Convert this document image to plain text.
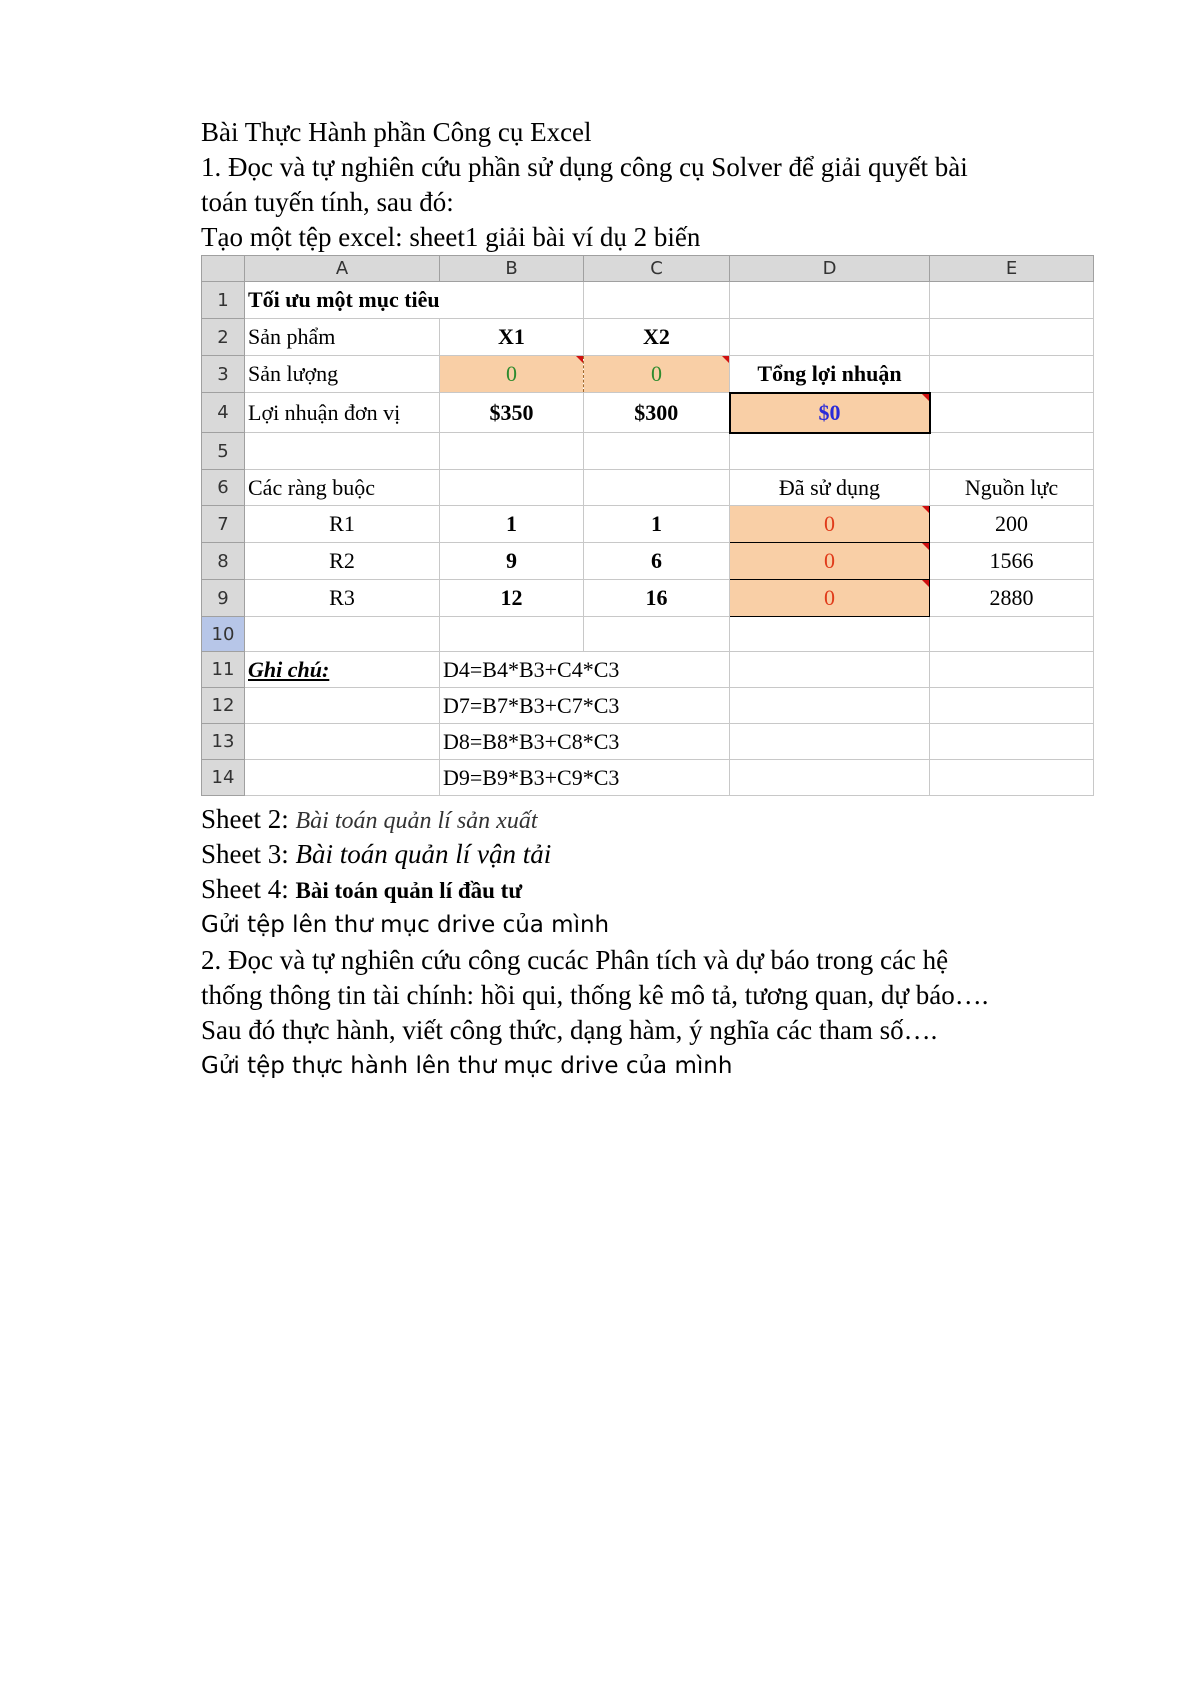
Bài Thực Hành phần Công cụ Excel
1. Đọc và tự nghiên cứu phần sử dụng công cụ Solver để giải quyết bài
toán tuyến tính, sau đó:
Tạo một tệp excel: sheet1 giải bài ví dụ 2 biến
	A	B	C	D	E
1	Tối ưu một mục tiêu				
2	Sản phẩm	X1	X2		
3	Sản lượng	0	0	Tổng lợi nhuận	
4	Lợi nhuận đơn vị	$350	$300	$0	
5					
6	Các ràng buộc			Đã sử dụng	Nguồn lực
7	R1	1	1	0	200
8	R2	9	6	0	1566
9	R3	12	16	0	2880
10					
11	Ghi chú:	D4=B4*B3+C4*C3			
12		D7=B7*B3+C7*C3			
13		D8=B8*B3+C8*C3			
14		D9=B9*B3+C9*C3			
Sheet 2: Bài toán quản lí sản xuất
Sheet 3: Bài toán quản lí vận tải
Sheet 4: Bài toán quản lí đầu tư
Gửi tệp lên thư mục drive của mình
2. Đọc và tự nghiên cứu công cucác Phân tích và dự báo trong các hệ
thống thông tin tài chính: hồi qui, thống kê mô tả, tương quan, dự báo….
Sau đó thực hành, viết công thức, dạng hàm, ý nghĩa các tham số….
Gửi tệp thực hành lên thư mục drive của mình
